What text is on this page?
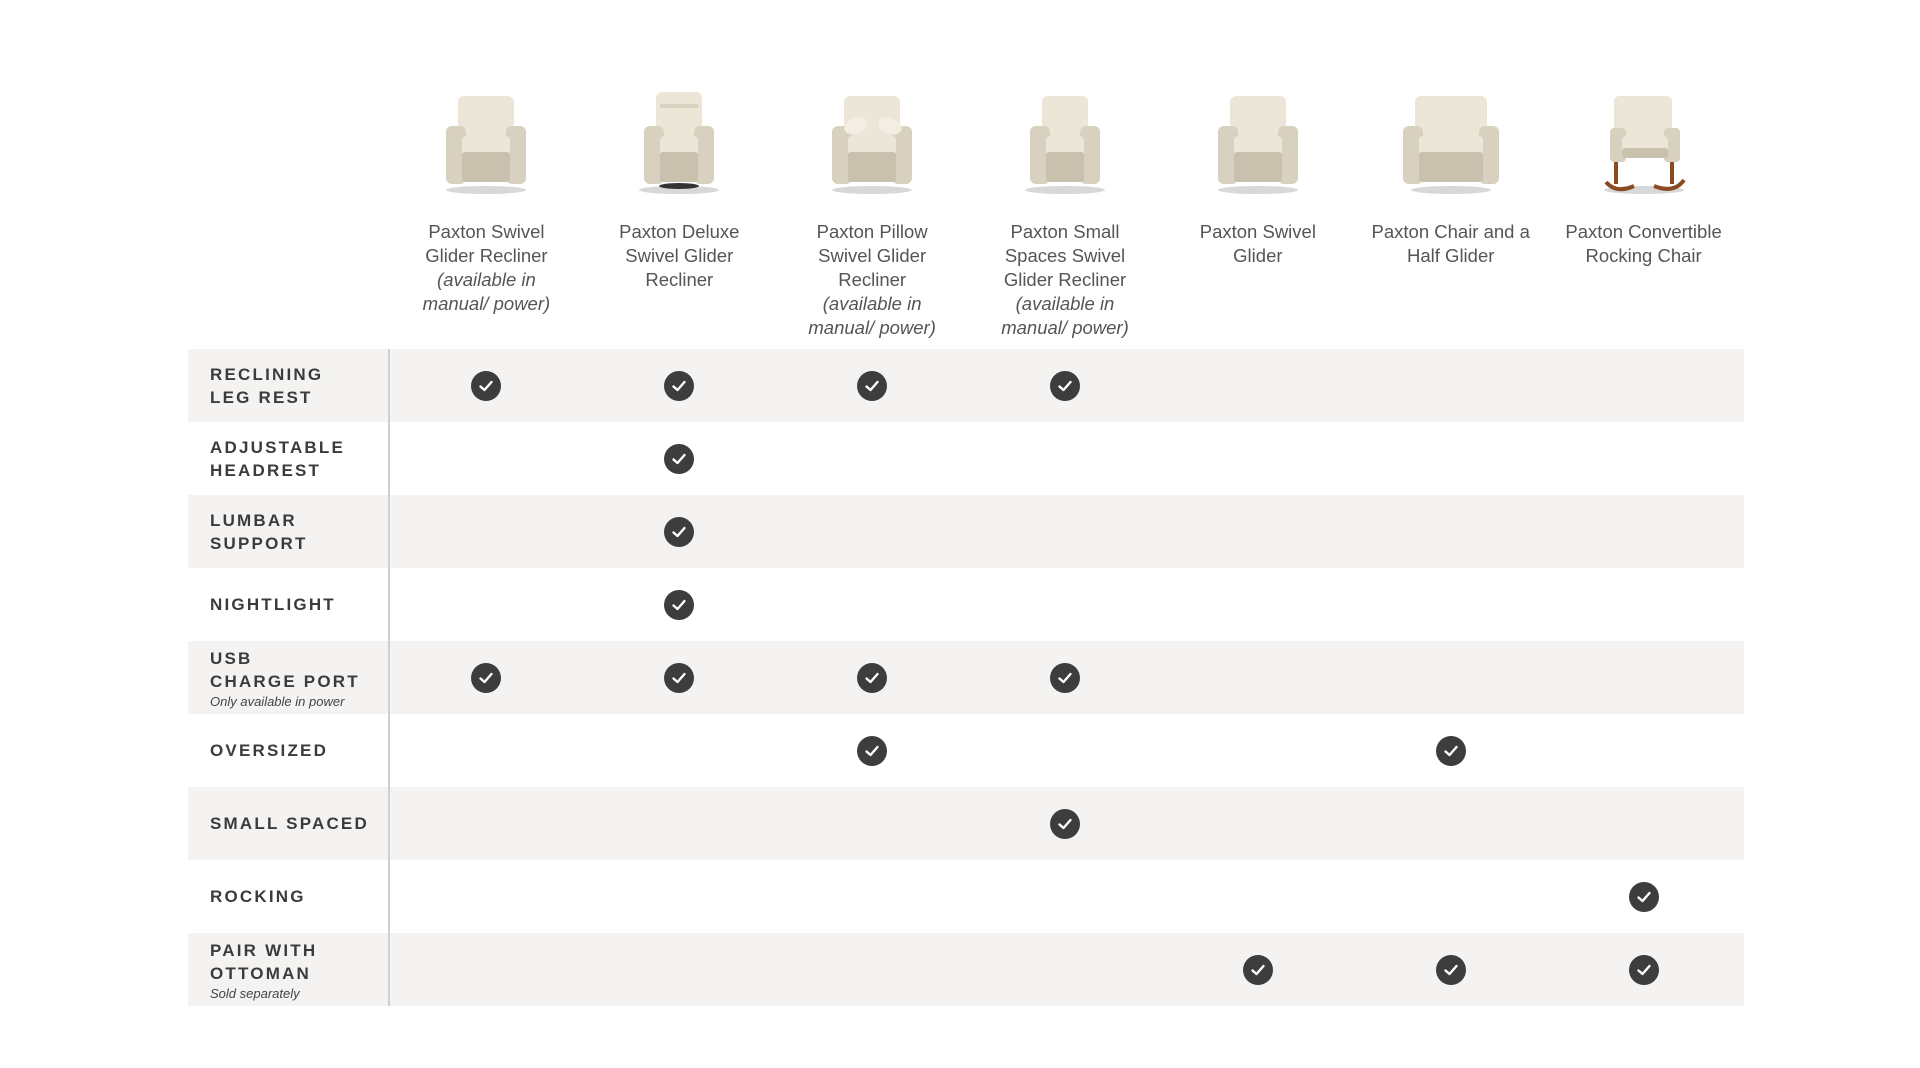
Paxton Swivel Glider Recliner
(available in manual/ power)
Paxton Deluxe Swivel Glider Recliner
Paxton Pillow Swivel Glider Recliner
(available in manual/ power)
Paxton Small Spaces Swivel Glider Recliner
(available in manual/ power)
Paxton Swivel Glider
Paxton Chair and a Half Glider
Paxton Convertible Rocking Chair
RECLINING
LEG REST
ADJUSTABLE
HEADREST
LUMBAR
SUPPORT
NIGHTLIGHT
USB
CHARGE PORT
Only available in power
OVERSIZED
SMALL SPACED
ROCKING
PAIR WITH
OTTOMAN
Sold separately
